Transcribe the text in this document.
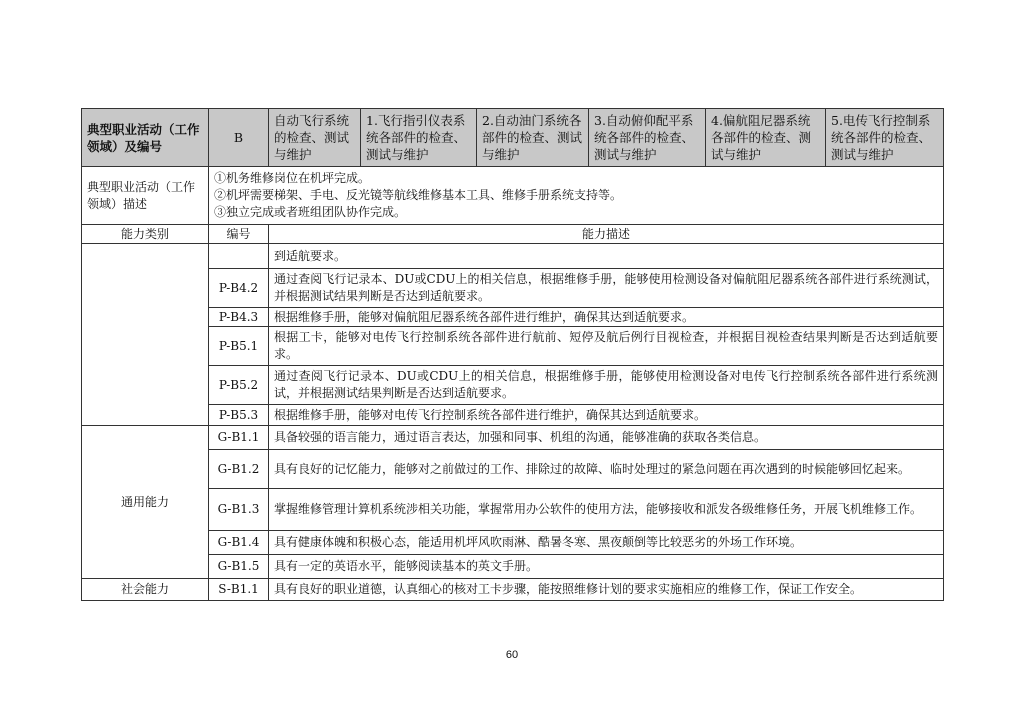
典型职业活动（工作领域）及编号	B	自动飞行系统的检查、测试与维护	1.飞行指引仪表系统各部件的检查、测试与维护	2.自动油门系统各部件的检查、测试与维护	3.自动俯仰配平系统各部件的检查、测试与维护	4.偏航阻尼器系统各部件的检查、测试与维护	5.电传飞行控制系统各部件的检查、测试与维护
典型职业活动（工作领域）描述	①机务维修岗位在机坪完成。
②机坪需要梯架、手电、反光镜等航线维修基本工具、维修手册系统支持等。
③独立完成或者班组团队协作完成。						

能力类别	编号	能力描述					
		到适航要求。					
	P-B4.2	通过查阅飞行记录本、DU或CDU上的相关信息，根据维修手册，能够使用检测设备对偏航阻尼器系统各部件进行系统测试，并根据测试结果判断是否达到适航要求。					
	P-B4.3	根据维修手册，能够对偏航阻尼器系统各部件进行维护，确保其达到适航要求。					
	P-B5.1	根据工卡，能够对电传飞行控制系统各部件进行航前、短停及航后例行目视检查，并根据目视检查结果判断是否达到适航要求。					
	P-B5.2	通过查阅飞行记录本、DU或CDU上的相关信息，根据维修手册，能够使用检测设备对电传飞行控制系统各部件进行系统测试，并根据测试结果判断是否达到适航要求。					
	P-B5.3	根据维修手册，能够对电传飞行控制系统各部件进行维护，确保其达到适航要求。					
通用能力	G-B1.1	具备较强的语言能力，通过语言表达，加强和同事、机组的沟通，能够准确的获取各类信息。					
	G-B1.2	具有良好的记忆能力，能够对之前做过的工作、排除过的故障、临时处理过的紧急问题在再次遇到的时候能够回忆起来。					
	G-B1.3	掌握维修管理计算机系统涉相关功能，掌握常用办公软件的使用方法，能够接收和派发各级维修任务，开展飞机维修工作。					
	G-B1.4	具有健康体魄和积极心态，能适用机坪风吹雨淋、酷暑冬寒、黑夜颠倒等比较恶劣的外场工作环境。					
	G-B1.5	具有一定的英语水平，能够阅读基本的英文手册。					
社会能力	S-B1.1	具有良好的职业道德，认真细心的核对工卡步骤，能按照维修计划的要求实施相应的维修工作，保证工作安全。					
60
